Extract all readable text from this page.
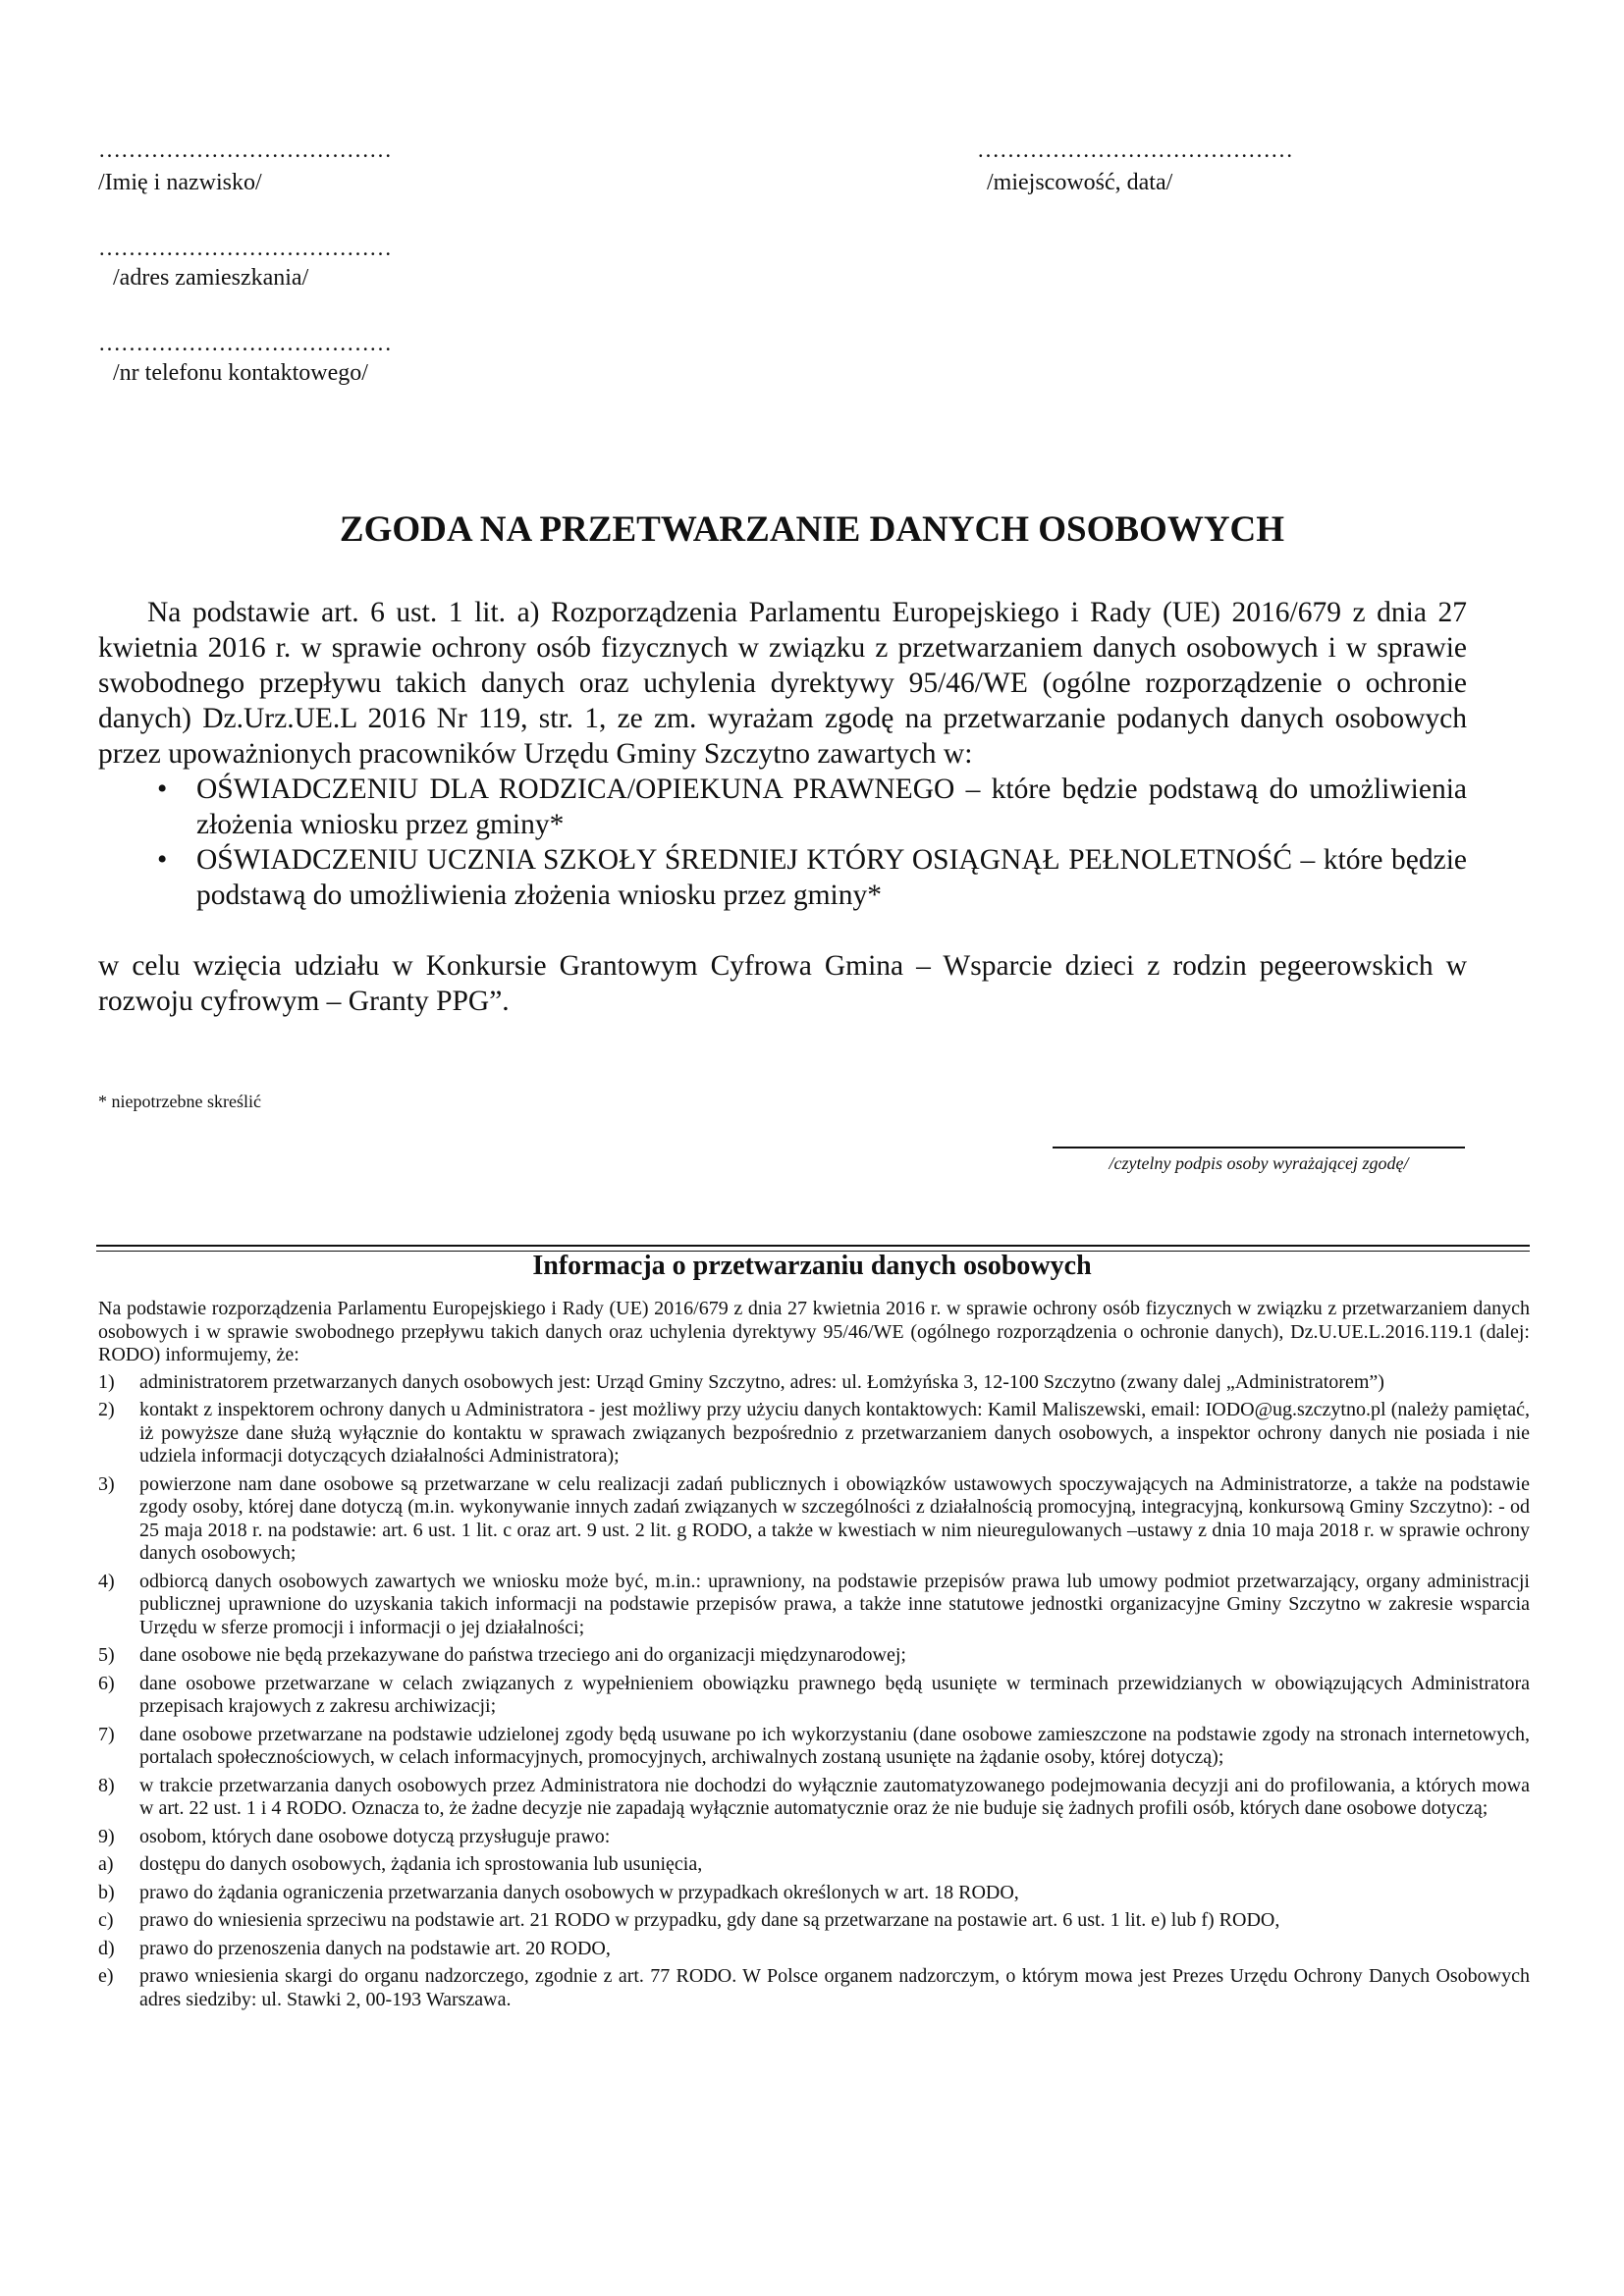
…………………………………
/Imię i nazwisko/
……………………………………
/miejscowość, data/
…………………………………
/adres zamieszkania/
…………………………………
/nr telefonu kontaktowego/
ZGODA NA PRZETWARZANIE DANYCH OSOBOWYCH

Na podstawie art. 6 ust. 1 lit. a) Rozporządzenia Parlamentu Europejskiego i Rady (UE) 2016/679 z dnia 27 kwietnia 2016 r. w sprawie ochrony osób fizycznych w związku z przetwarzaniem danych osobowych i w sprawie swobodnego przepływu takich danych oraz uchylenia dyrektywy 95/46/WE (ogólne rozporządzenie o ochronie danych) Dz.Urz.UE.L 2016 Nr 119, str. 1, ze zm. wyrażam zgodę na przetwarzanie podanych danych osobowych przez upoważnionych pracowników Urzędu Gminy Szczytno zawartych w:

• OŚWIADCZENIU DLA RODZICA/OPIEKUNA PRAWNEGO – które będzie podstawą do umożliwienia złożenia wniosku przez gminy*
• OŚWIADCZENIU UCZNIA SZKOŁY ŚREDNIEJ KTÓRY OSIĄGNĄŁ PEŁNOLETNOŚĆ – które będzie podstawą do umożliwienia złożenia wniosku przez gminy*

w celu wzięcia udziału w Konkursie Grantowym Cyfrowa Gmina – Wsparcie dzieci z rodzin pegeerowskich w rozwoju cyfrowym – Granty PPG”.

* niepotrzebne skreślić
/czytelny podpis osoby wyrażającej zgodę/
Informacja o przetwarzaniu danych osobowych

Na podstawie rozporządzenia Parlamentu Europejskiego i Rady (UE) 2016/679 z dnia 27 kwietnia 2016 r. w sprawie ochrony osób fizycznych w związku z przetwarzaniem danych osobowych i w sprawie swobodnego przepływu takich danych oraz uchylenia dyrektywy 95/46/WE (ogólnego rozporządzenia o ochronie danych), Dz.U.UE.L.2016.119.1 (dalej: RODO) informujemy, że:

1) administratorem przetwarzanych danych osobowych jest: Urząd Gminy Szczytno, adres: ul. Łomżyńska 3, 12-100 Szczytno (zwany dalej „Administratorem”)
2) kontakt z inspektorem ochrony danych u Administratora - jest możliwy przy użyciu danych kontaktowych: Kamil Maliszewski, email: IODO@ug.szczytno.pl (należy pamiętać, iż powyższe dane służą wyłącznie do kontaktu w sprawach związanych bezpośrednio z przetwarzaniem danych osobowych, a inspektor ochrony danych nie posiada i nie udziela informacji dotyczących działalności Administratora);
3) powierzone nam dane osobowe są przetwarzane w celu realizacji zadań publicznych i obowiązków ustawowych spoczywających na Administratorze, a także na podstawie zgody osoby, której dane dotyczą (m.in. wykonywanie innych zadań związanych w szczególności z działalnością promocyjną, integracyjną, konkursową Gminy Szczytno): - od 25 maja 2018 r. na podstawie: art. 6 ust. 1 lit. c oraz art. 9 ust. 2 lit. g RODO, a także w kwestiach w nim nieuregulowanych –ustawy z dnia 10 maja 2018 r. w sprawie ochrony danych osobowych;
4) odbiorcą danych osobowych zawartych we wniosku może być, m.in.: uprawniony, na podstawie przepisów prawa lub umowy podmiot przetwarzający, organy administracji publicznej uprawnione do uzyskania takich informacji na podstawie przepisów prawa, a także inne statutowe jednostki organizacyjne Gminy Szczytno w zakresie wsparcia Urzędu w sferze promocji i informacji o jej działalności;
5) dane osobowe nie będą przekazywane do państwa trzeciego ani do organizacji międzynarodowej;
6) dane osobowe przetwarzane w celach związanych z wypełnieniem obowiązku prawnego będą usunięte w terminach przewidzianych w obowiązujących Administratora przepisach krajowych z zakresu archiwizacji;
7) dane osobowe przetwarzane na podstawie udzielonej zgody będą usuwane po ich wykorzystaniu (dane osobowe zamieszczone na podstawie zgody na stronach internetowych, portalach społecznościowych, w celach informacyjnych, promocyjnych, archiwalnych zostaną usunięte na żądanie osoby, której dotyczą);
8) w trakcie przetwarzania danych osobowych przez Administratora nie dochodzi do wyłącznie zautomatyzowanego podejmowania decyzji ani do profilowania, a których mowa w art. 22 ust. 1 i 4 RODO. Oznacza to, że żadne decyzje nie zapadają wyłącznie automatycznie oraz że nie buduje się żadnych profili osób, których dane osobowe dotyczą;
9) osobom, których dane osobowe dotyczą przysługuje prawo:
a) dostępu do danych osobowych, żądania ich sprostowania lub usunięcia,
b) prawo do żądania ograniczenia przetwarzania danych osobowych w przypadkach określonych w art. 18 RODO,
c) prawo do wniesienia sprzeciwu na podstawie art. 21 RODO w przypadku, gdy dane są przetwarzane na postawie art. 6 ust. 1 lit. e) lub f) RODO,
d) prawo do przenoszenia danych na podstawie art. 20 RODO,
e) prawo wniesienia skargi do organu nadzorczego, zgodnie z art. 77 RODO. W Polsce organem nadzorczym, o którym mowa jest Prezes Urzędu Ochrony Danych Osobowych adres siedziby: ul. Stawki 2, 00-193 Warszawa.
